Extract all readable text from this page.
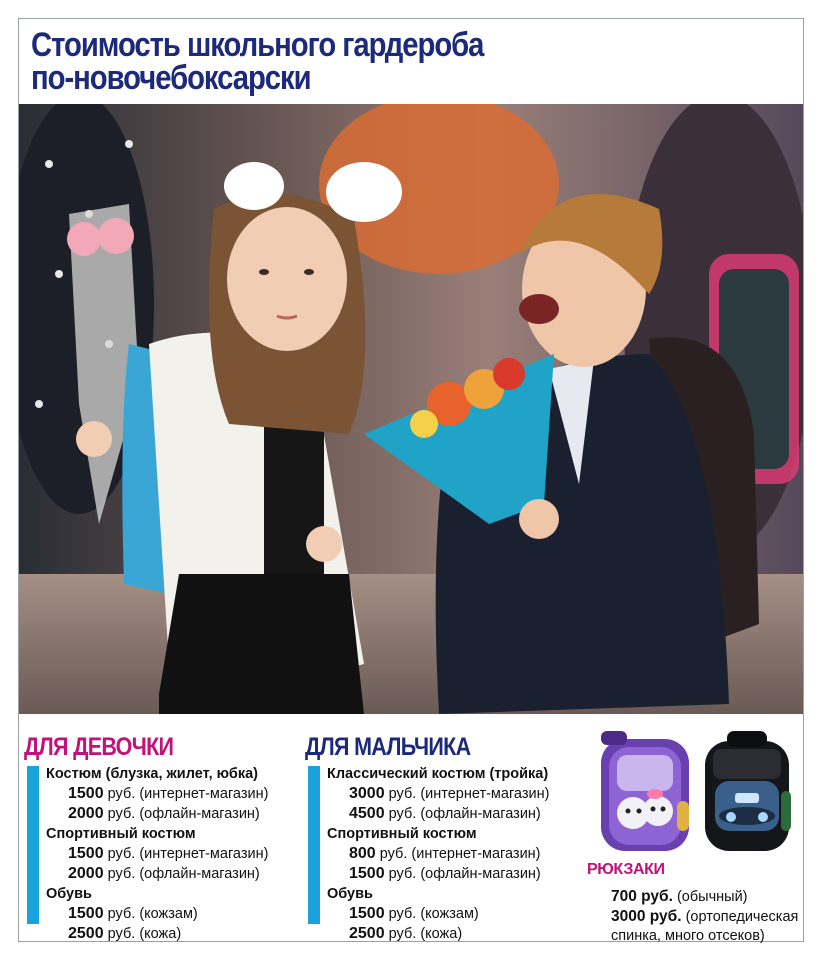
Стоимость школьного гардероба
по-новочебоксарски
ДЛЯ ДЕВОЧКИ
Костюм (блузка, жилет, юбка)
1500 руб. (интернет-магазин)
2000 руб. (офлайн-магазин)
Спортивный костюм
1500 руб. (интернет-магазин)
2000 руб. (офлайн-магазин)
Обувь
1500 руб. (кожзам)
2500 руб. (кожа)
ДЛЯ МАЛЬЧИКА
Классический костюм (тройка)
3000 руб. (интернет-магазин)
4500 руб. (офлайн-магазин)
Спортивный костюм
800 руб. (интернет-магазин)
1500 руб. (офлайн-магазин)
Обувь
1500 руб. (кожзам)
2500 руб. (кожа)
РЮКЗАКИ
700 руб. (обычный)
3000 руб. (ортопедическая спинка, много отсеков)
